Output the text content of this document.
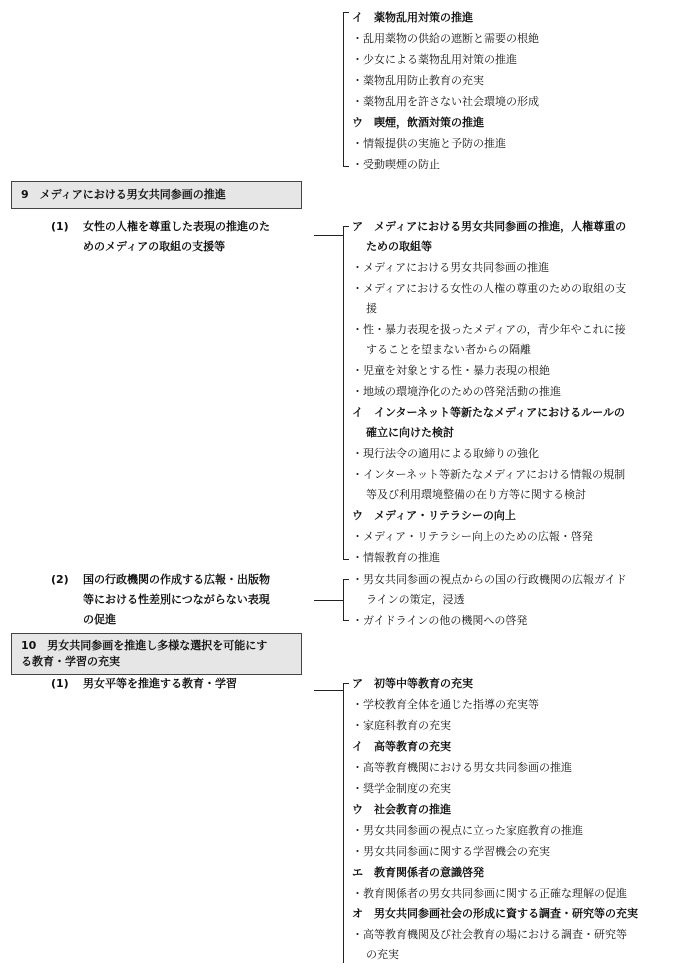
イ　薬物乱用対策の推進
・乱用薬物の供給の遮断と需要の根絶
・少女による薬物乱用対策の推進
・薬物乱用防止教育の充実
・薬物乱用を許さない社会環境の形成
ウ　喫煙，飲酒対策の推進
・情報提供の実施と予防の推進
・受動喫煙の防止
9　メディアにおける男女共同参画の推進
(1) 女性の人権を尊重した表現の推進のた
めのメディアの取組の支援等
ア　メディアにおける男女共同参画の推進，人権尊重の
ための取組等
・メディアにおける男女共同参画の推進
・メディアにおける女性の人権の尊重のための取組の支
援
・性・暴力表現を扱ったメディアの，青少年やこれに接
することを望まない者からの隔離
・児童を対象とする性・暴力表現の根絶
・地域の環境浄化のための啓発活動の推進
イ　インターネット等新たなメディアにおけるルールの
確立に向けた検討
・現行法令の適用による取締りの強化
・インターネット等新たなメディアにおける情報の規制
等及び利用環境整備の在り方等に関する検討
ウ　メディア・リテラシーの向上
・メディア・リテラシー向上のための広報・啓発
・情報教育の推進
(2) 国の行政機関の作成する広報・出版物
等における性差別につながらない表現
の促進
・男女共同参画の視点からの国の行政機関の広報ガイド
ラインの策定，浸透
・ガイドラインの他の機関への啓発
10　男女共同参画を推進し多様な選択を可能にす
る教育・学習の充実
(1) 男女平等を推進する教育・学習	ア　初等中等教育の充実
・学校教育全体を通じた指導の充実等
・家庭科教育の充実
イ　高等教育の充実
・高等教育機関における男女共同参画の推進
・奨学金制度の充実
ウ　社会教育の推進
・男女共同参画の視点に立った家庭教育の推進
・男女共同参画に関する学習機会の充実
エ　教育関係者の意識啓発
・教育関係者の男女共同参画に関する正確な理解の促進
オ　男女共同参画社会の形成に資する調査・研究等の充実
・高等教育機関及び社会教育の場における調査・研究等
の充実
